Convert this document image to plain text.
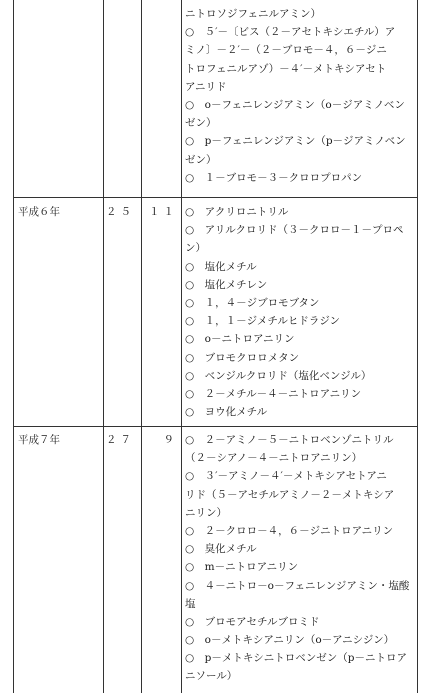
ニトロソジフェニルアミン）
○　５′－〔ビス（２－アセトキシエチル）ア
ミノ〕－２′－（２－ブロモ－４，６－ジニ
トロフェニルアゾ）－４′－メトキシアセト
アニリド
○　o－フェニレンジアミン（o－ジアミノベン
ゼン）
○　p－フェニレンジアミン（p－ジアミノベン
ゼン）
○　１－ブロモ－３－クロロプロパン
平成６年	２５	１１ ○　アクリロニトリル
○　アリルクロリド（３－クロロ－１－プロペ
ン）
○　塩化メチル
○　塩化メチレン
○　１，４－ジブロモブタン
○　１，１－ジメチルヒドラジン
○　o－ニトロアニリン
○　ブロモクロロメタン
○　ベンジルクロリド（塩化ベンジル）
○　２－メチル－４－ニトロアニリン
○　ヨウ化メチル
平成７年	２７	９ ○　２－アミノ－５－ニトロベンゾニトリル
（２－シアノ－４－ニトロアニリン）
○　３′－アミノ－４′－メトキシアセトアニ
リド（５－アセチルアミノ－２－メトキシア
ニリン）
○　２－クロロ－４，６－ジニトロアニリン
○　臭化メチル
○　m－ニトロアニリン
○　４－ニトロ－o－フェニレンジアミン・塩酸
塩
○　ブロモアセチルブロミド
○　o－メトキシアニリン（o－アニシジン）
○　p－メトキシニトロベンゼン（p－ニトロア
ニソール）
